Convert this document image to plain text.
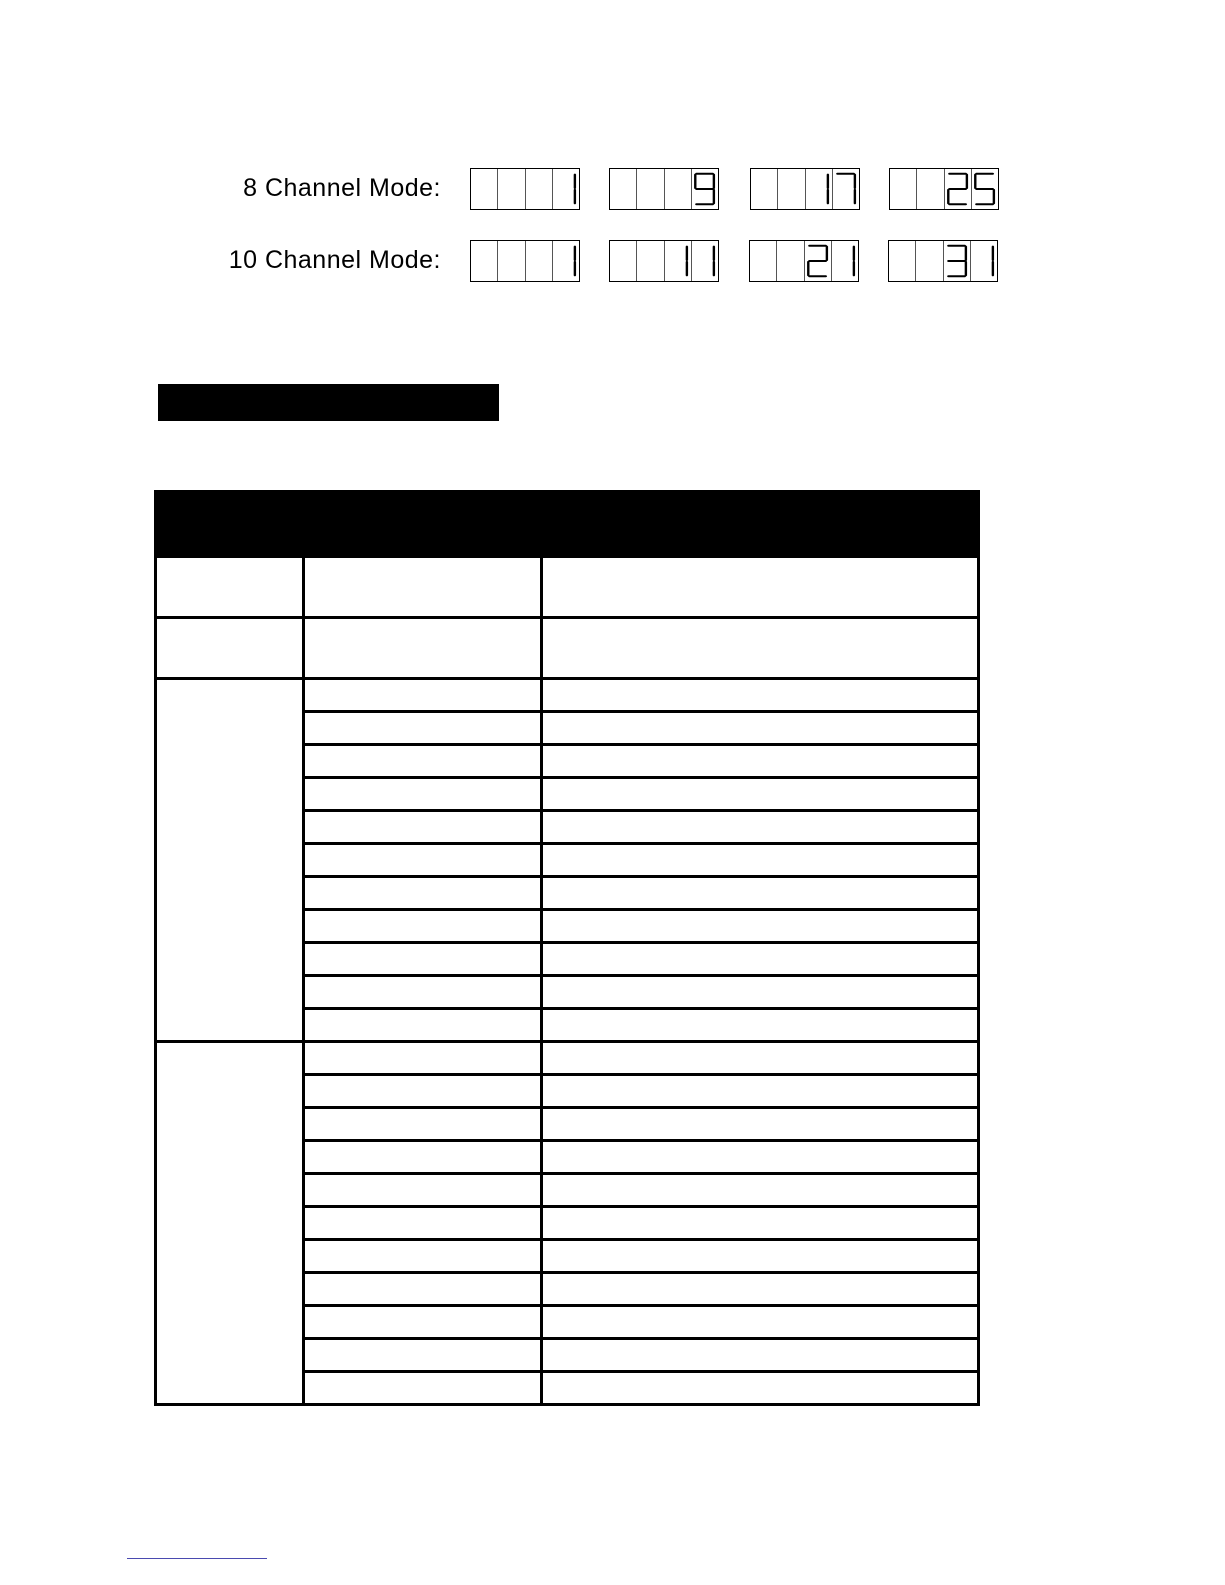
8 Channel Mode:
10 Channel Mode:
